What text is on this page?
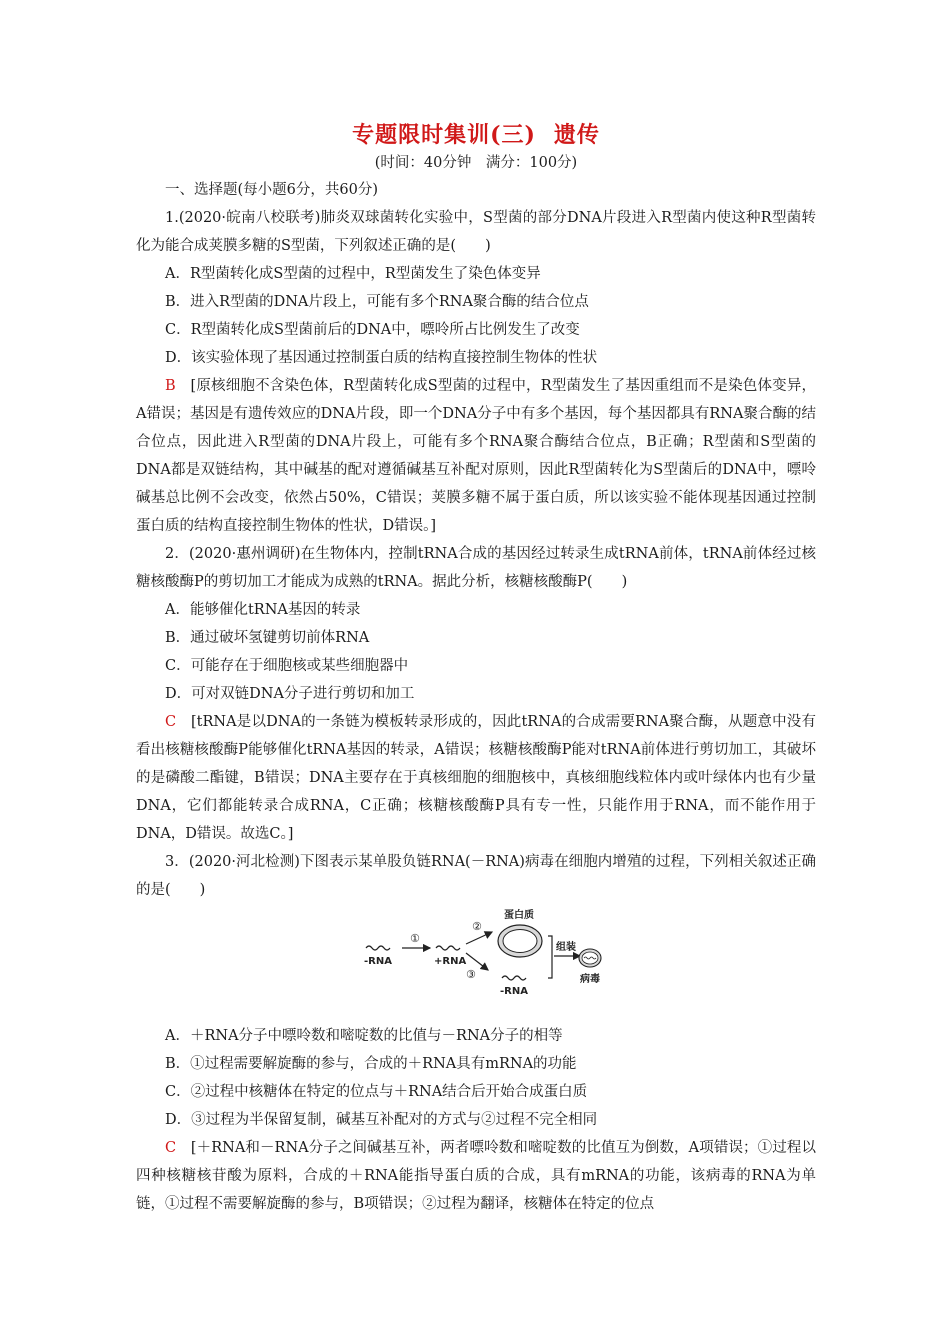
专题限时集训(三) 遗传

(时间：40分钟　满分：100分)

一、选择题(每小题6分，共60分)

1.(2020·皖南八校联考)肺炎双球菌转化实验中，S型菌的部分DNA片段进入R型菌内使这种R型菌转化为能合成荚膜多糖的S型菌，下列叙述正确的是(　　)

A．R型菌转化成S型菌的过程中，R型菌发生了染色体变异

B．进入R型菌的DNA片段上，可能有多个RNA聚合酶的结合位点

C．R型菌转化成S型菌前后的DNA中，嘌呤所占比例发生了改变

D．该实验体现了基因通过控制蛋白质的结构直接控制生物体的性状

B　 [原核细胞不含染色体，R型菌转化成S型菌的过程中，R型菌发生了基因重组而不是染色体变异，A错误；基因是有遗传效应的DNA片段，即一个DNA分子中有多个基因，每个基因都具有RNA聚合酶的结合位点，因此进入R型菌的DNA片段上，可能有多个RNA聚合酶结合位点，B正确；R型菌和S型菌的DNA都是双链结构，其中碱基的配对遵循碱基互补配对原则，因此R型菌转化为S型菌后的DNA中，嘌呤碱基总比例不会改变，依然占50%，C错误；荚膜多糖不属于蛋白质，所以该实验不能体现基因通过控制蛋白质的结构直接控制生物体的性状，D错误。]

2．(2020·惠州调研)在生物体内，控制tRNA合成的基因经过转录生成tRNA前体，tRNA前体经过核糖核酸酶P的剪切加工才能成为成熟的tRNA。据此分析，核糖核酸酶P(　　)

A．能够催化tRNA基因的转录

B．通过破坏氢键剪切前体RNA

C．可能存在于细胞核或某些细胞器中

D．可对双链DNA分子进行剪切和加工

C　 [tRNA是以DNA的一条链为模板转录形成的，因此tRNA的合成需要RNA聚合酶，从题意中没有看出核糖核酸酶P能够催化tRNA基因的转录，A错误；核糖核酸酶P能对tRNA前体进行剪切加工，其破坏的是磷酸二酯键，B错误；DNA主要存在于真核细胞的细胞核中，真核细胞线粒体内或叶绿体内也有少量DNA，它们都能转录合成RNA，C正确；核糖核酸酶P具有专一性，只能作用于RNA，而不能作用于DNA，D错误。故选C。]

3．(2020·河北检测)下图表示某单股负链RNA(－RNA)病毒在细胞内增殖的过程，下列相关叙述正确的是(　　)

-RNA
①
+RNA
②
③
蛋白质
-RNA
组装
病毒

A．＋RNA分子中嘌呤数和嘧啶数的比值与－RNA分子的相等

B．①过程需要解旋酶的参与，合成的＋RNA具有mRNA的功能

C．②过程中核糖体在特定的位点与＋RNA结合后开始合成蛋白质

D．③过程为半保留复制，碱基互补配对的方式与②过程不完全相同

C　 [＋RNA和－RNA分子之间碱基互补，两者嘌呤数和嘧啶数的比值互为倒数，A项错误；①过程以四种核糖核苷酸为原料，合成的＋RNA能指导蛋白质的合成，具有mRNA的功能，该病毒的RNA为单链，①过程不需要解旋酶的参与，B项错误；②过程为翻译，核糖体在特定的位点
